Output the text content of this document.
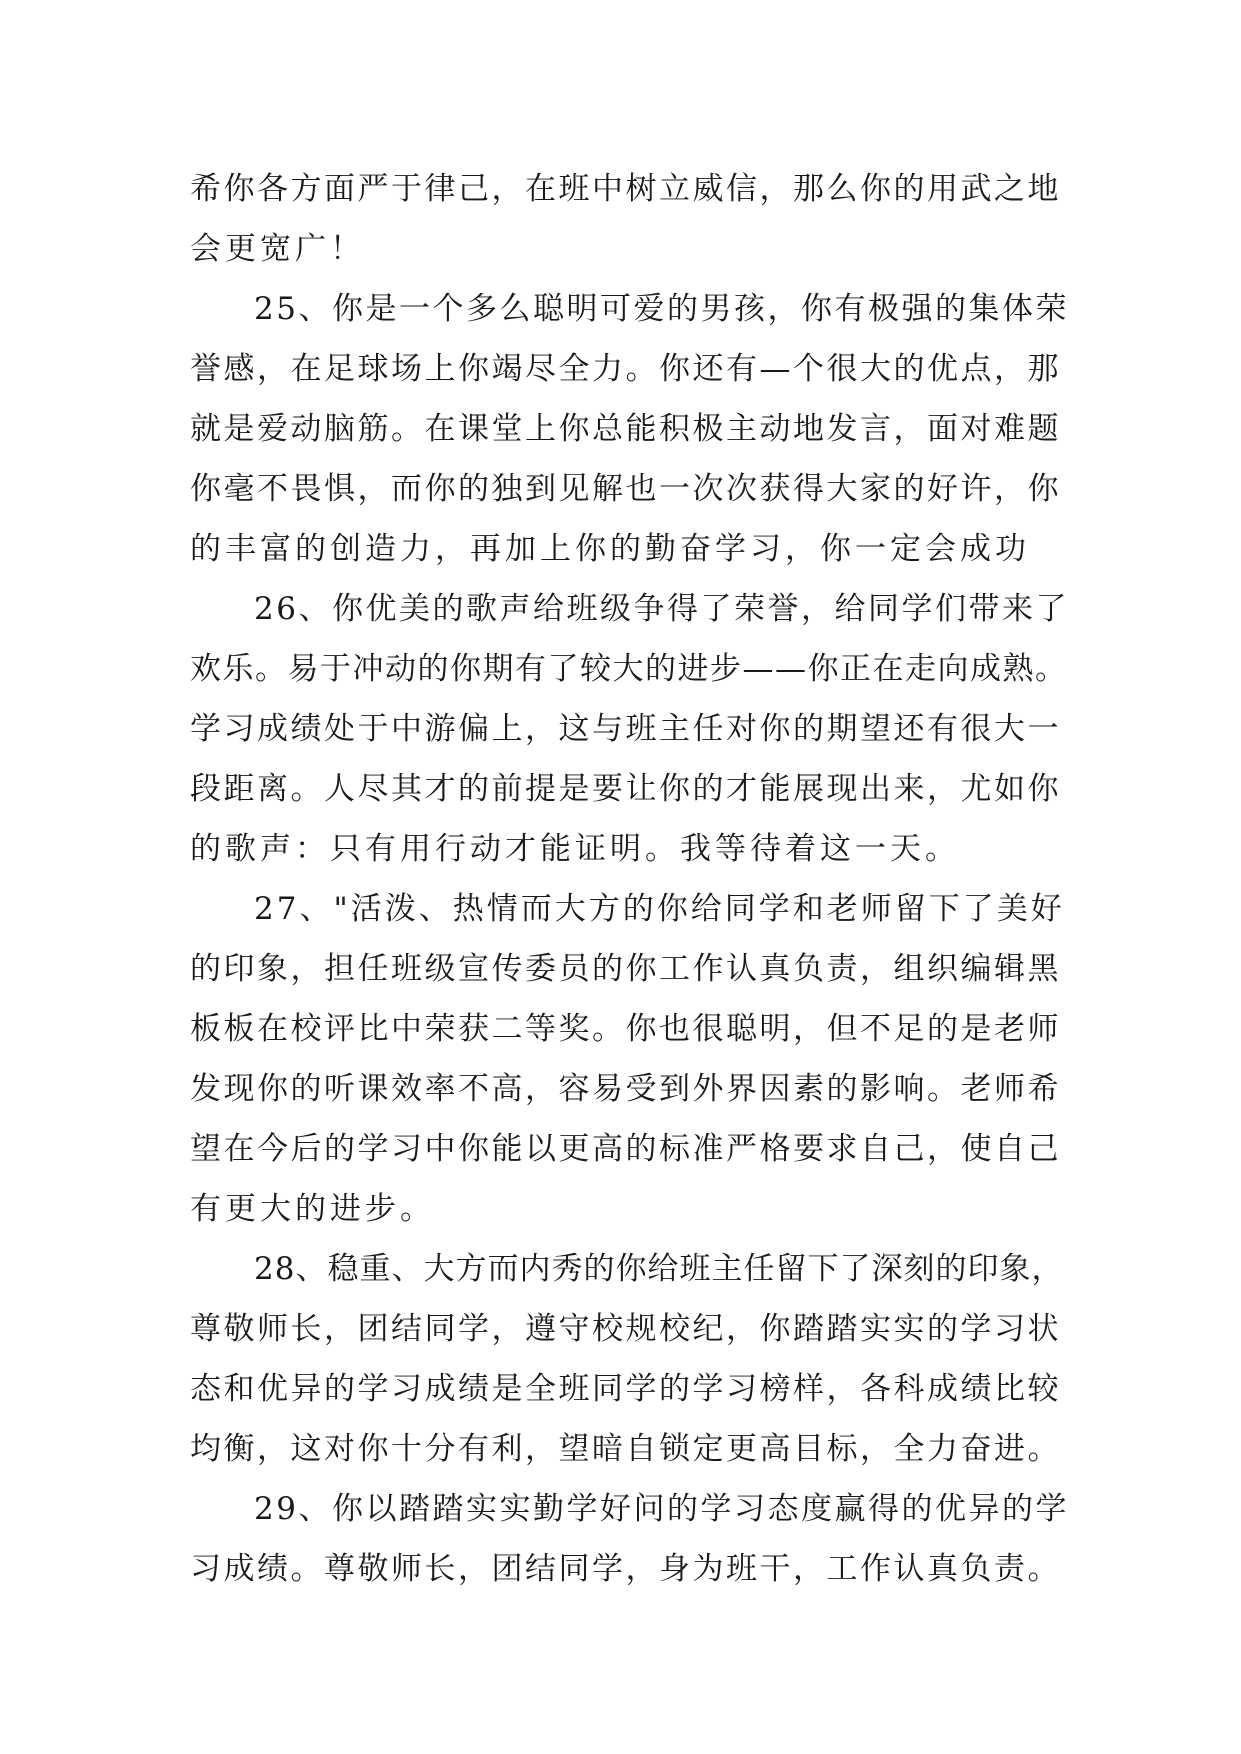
希你各方面严于律己，在班中树立威信，那么你的用武之地
会更宽广！
25、你是一个多么聪明可爱的男孩，你有极强的集体荣
誉感，在足球场上你竭尽全力。你还有—个很大的优点，那
就是爱动脑筋。在课堂上你总能积极主动地发言，面对难题
你毫不畏惧，而你的独到见解也一次次获得大家的好许，你
的丰富的创造力，再加上你的勤奋学习，你一定会成功
26、你优美的歌声给班级争得了荣誉，给同学们带来了
欢乐。易于冲动的你期有了较大的进步——你正在走向成熟。
学习成绩处于中游偏上，这与班主任对你的期望还有很大一
段距离。人尽其才的前提是要让你的才能展现出来，尤如你
的歌声：只有用行动才能证明。我等待着这一天。
27、"活泼、热情而大方的你给同学和老师留下了美好
的印象，担任班级宣传委员的你工作认真负责，组织编辑黑
板板在校评比中荣获二等奖。你也很聪明，但不足的是老师
发现你的听课效率不高，容易受到外界因素的影响。老师希
望在今后的学习中你能以更高的标准严格要求自己，使自己
有更大的进步。
28、稳重、大方而内秀的你给班主任留下了深刻的印象，
尊敬师长，团结同学，遵守校规校纪，你踏踏实实的学习状
态和优异的学习成绩是全班同学的学习榜样，各科成绩比较
均衡，这对你十分有利，望暗自锁定更高目标，全力奋进。
29、你以踏踏实实勤学好问的学习态度赢得的优异的学
习成绩。尊敬师长，团结同学，身为班干，工作认真负责。
